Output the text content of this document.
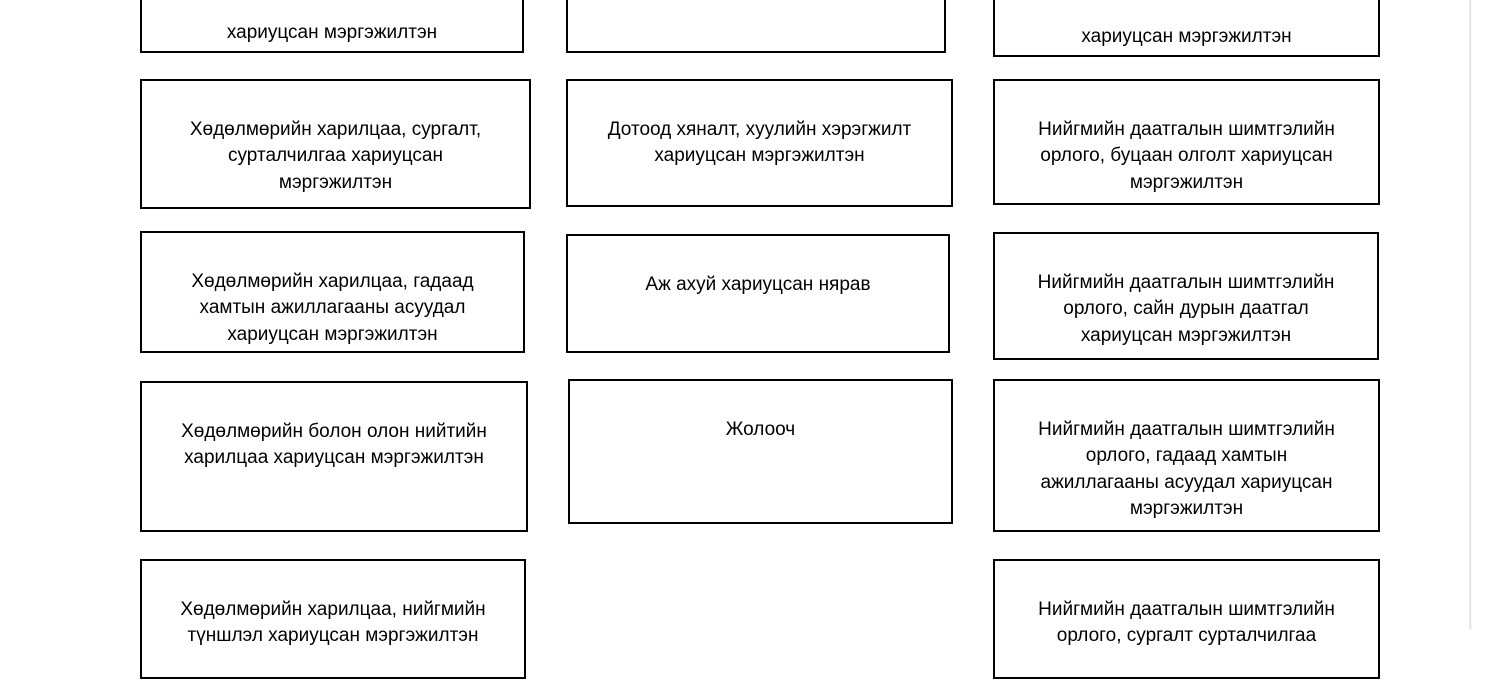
хариуцсан мэргэжилтэн	хариуцсан мэргэжилтэн

Хөдөлмөрийн харилцаа, сургалт,
сурталчилгаа хариуцсан
мэргэжилтэн

Дотоод хяналт, хуулийн хэрэгжилт
хариуцсан мэргэжилтэн

Нийгмийн даатгалын шимтгэлийн
орлого, буцаан олголт хариуцсан
мэргэжилтэн

Хөдөлмөрийн харилцаа, гадаад
хамтын ажиллагааны асуудал
хариуцсан мэргэжилтэн

Аж ахуй хариуцсан нярав	Нийгмийн даатгалын шимтгэлийн
орлого, сайн дурын даатгал
хариуцсан мэргэжилтэн

Хөдөлмөрийн болон олон нийтийн
харилцаа хариуцсан мэргэжилтэн

Жолооч	Нийгмийн даатгалын шимтгэлийн
орлого, гадаад хамтын
ажиллагааны асуудал хариуцсан
мэргэжилтэн

Хөдөлмөрийн харилцаа, нийгмийн
түншлэл хариуцсан мэргэжилтэн

Нийгмийн даатгалын шимтгэлийн
орлого, сургалт сурталчилгаа
